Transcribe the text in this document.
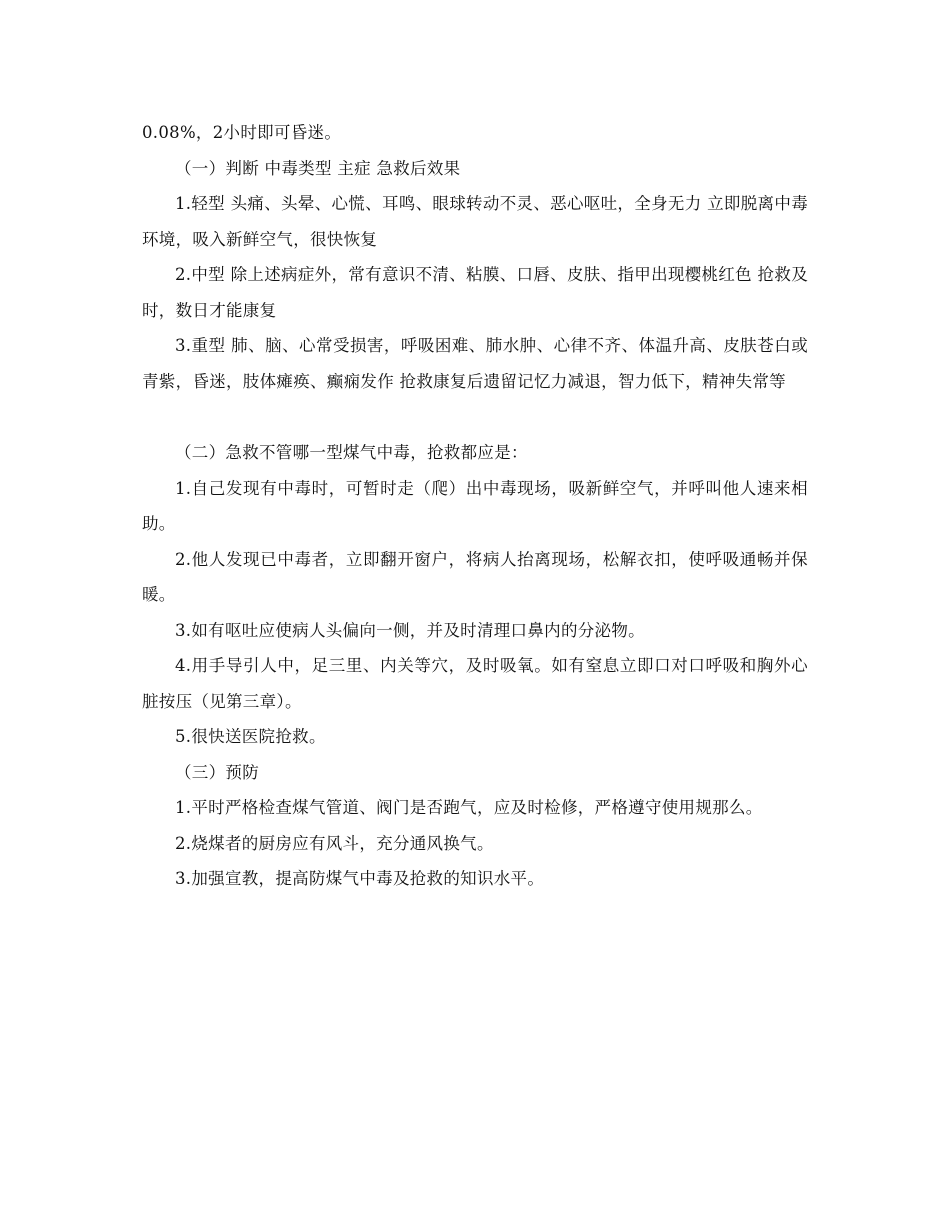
0.08%，2小时即可昏迷。

（一）判断 中毒类型 主症 急救后效果

1.轻型 头痛、头晕、心慌、耳鸣、眼球转动不灵、恶心呕吐，全身无力 立即脱离中毒环境，吸入新鲜空气，很快恢复

2.中型 除上述病症外，常有意识不清、粘膜、口唇、皮肤、指甲出现樱桃红色 抢救及时，数日才能康复

3.重型 肺、脑、心常受损害，呼吸困难、肺水肿、心律不齐、体温升高、皮肤苍白或青紫，昏迷，肢体瘫痪、癫痫发作 抢救康复后遗留记忆力减退，智力低下，精神失常等

（二）急救不管哪一型煤气中毒，抢救都应是：

1.自己发现有中毒时，可暂时走（爬）出中毒现场，吸新鲜空气，并呼叫他人速来相助。

2.他人发现已中毒者，立即翻开窗户，将病人抬离现场，松解衣扣，使呼吸通畅并保暖。

3.如有呕吐应使病人头偏向一侧，并及时清理口鼻内的分泌物。

4.用手导引人中，足三里、内关等穴，及时吸氧。如有窒息立即口对口呼吸和胸外心脏按压（见第三章）。

5.很快送医院抢救。

（三）预防

1.平时严格检查煤气管道、阀门是否跑气，应及时检修，严格遵守使用规那么。

2.烧煤者的厨房应有风斗，充分通风换气。

3.加强宣教，提高防煤气中毒及抢救的知识水平。
